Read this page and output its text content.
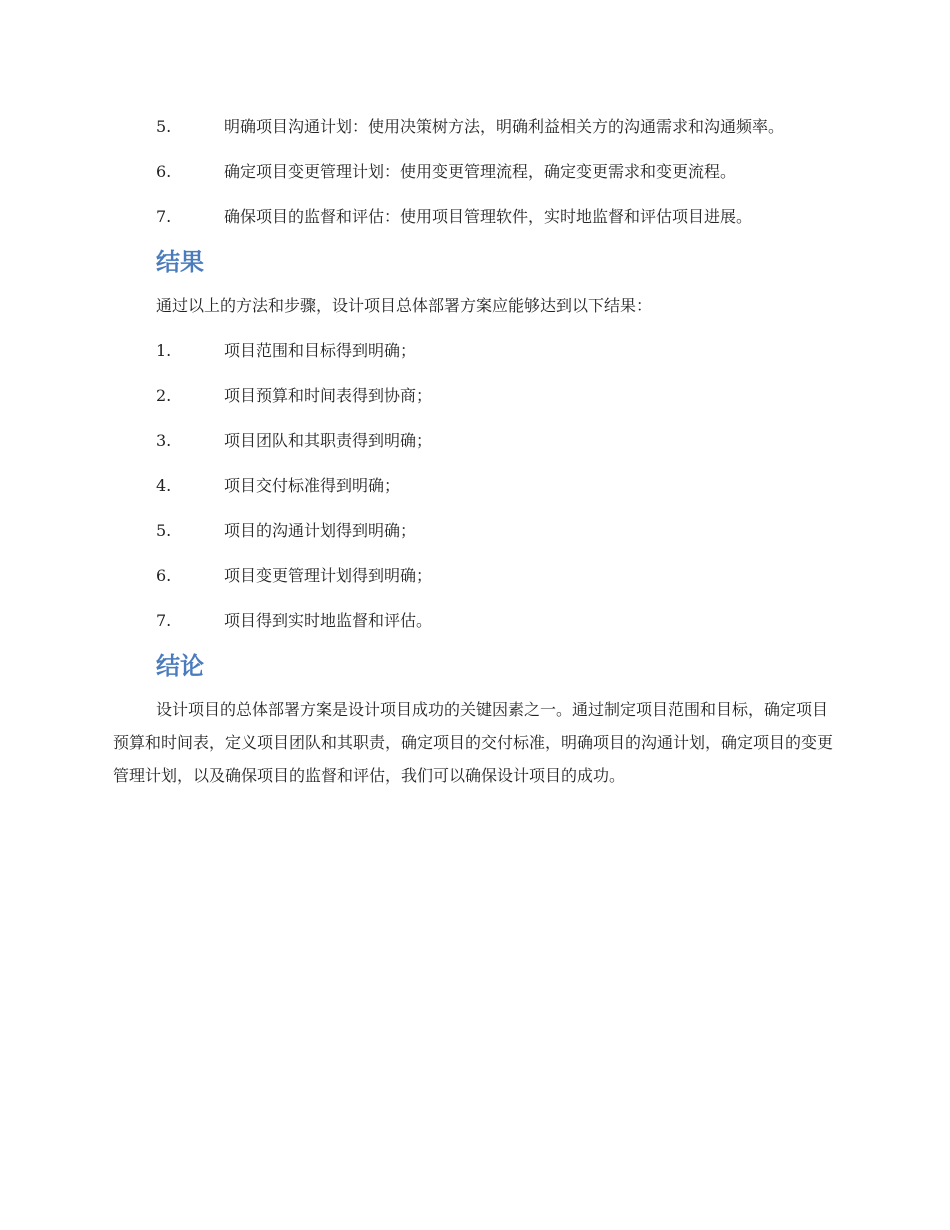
5.	明确项目沟通计划：使用决策树方法，明确利益相关方的沟通需求和沟通频率。
6.	确定项目变更管理计划：使用变更管理流程，确定变更需求和变更流程。
7.	确保项目的监督和评估：使用项目管理软件，实时地监督和评估项目进展。
结果

通过以上的方法和步骤，设计项目总体部署方案应能够达到以下结果：

1.	项目范围和目标得到明确；
2.	项目预算和时间表得到协商；
3.	项目团队和其职责得到明确；
4.	项目交付标准得到明确；
5.	项目的沟通计划得到明确；
6.	项目变更管理计划得到明确；
7.	项目得到实时地监督和评估。
结论

设计项目的总体部署方案是设计项目成功的关键因素之一。通过制定项目范围和目标，确定项目预算和时间表，定义项目团队和其职责，确定项目的交付标准，明确项目的沟通计划，确定项目的变更管理计划，以及确保项目的监督和评估，我们可以确保设计项目的成功。
